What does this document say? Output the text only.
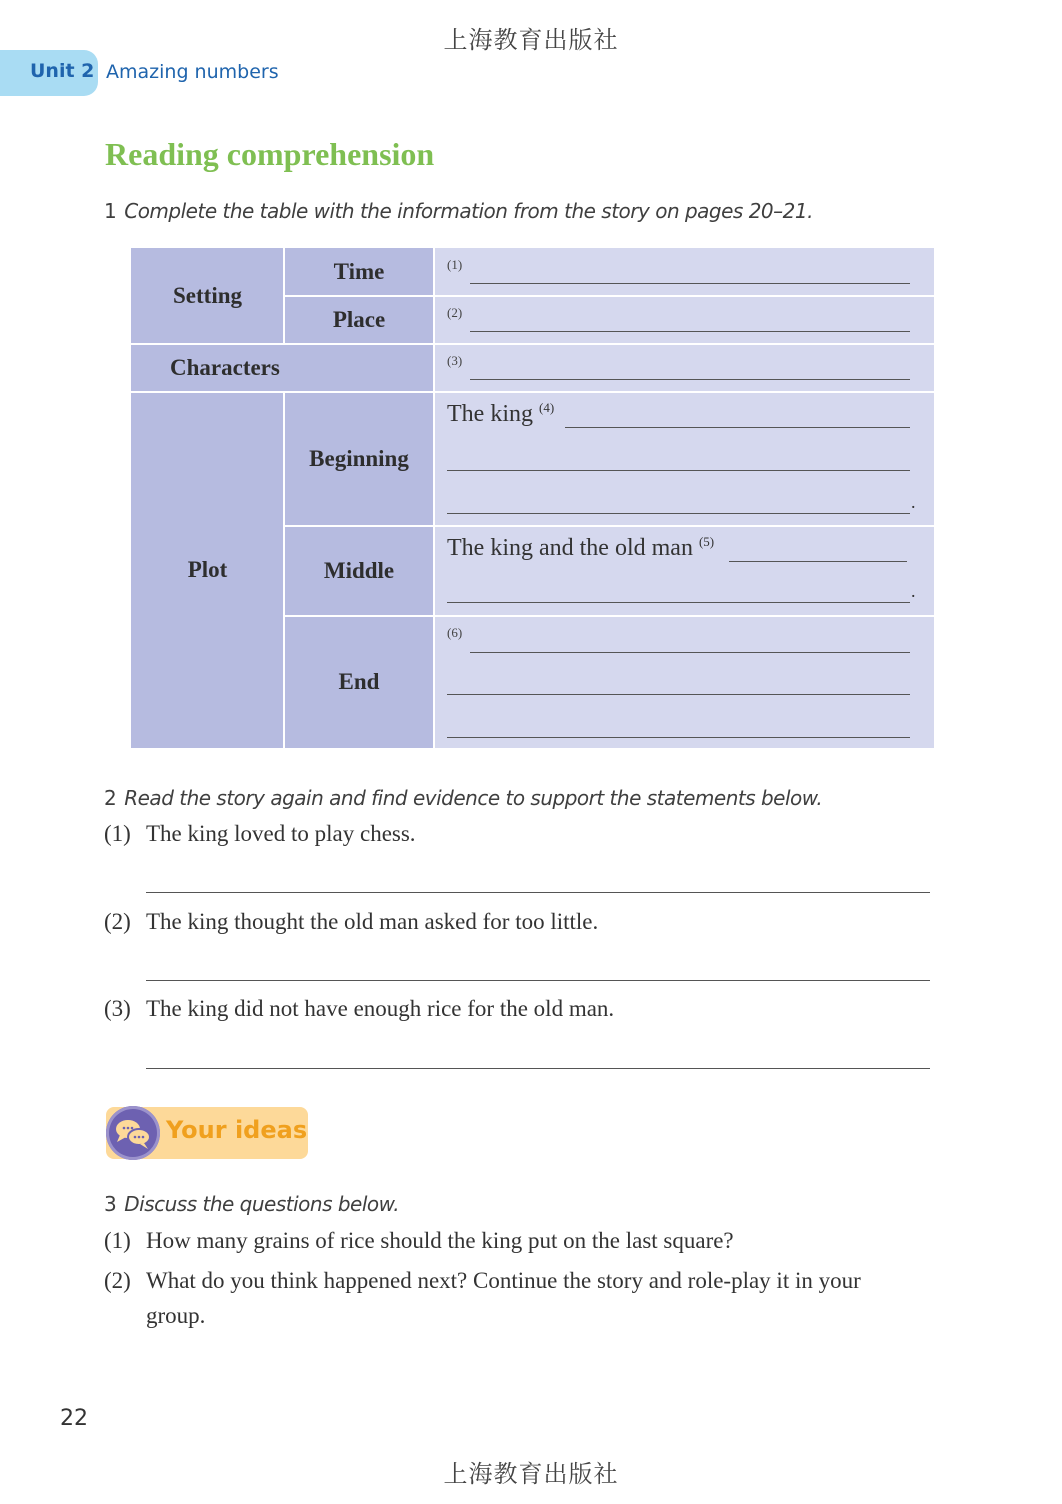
上海教育出版社
Unit 2 Amazing numbers
Reading comprehension
1 Complete the table with the information from the story on pages 20–21.
Setting
Time
Place
Characters
Plot
Beginning
Middle
End
(1)
(2)
(3)
The king $^{(4)}$
.
The king and the old man $^{(5)}$
.
(6)
2 Read the story again and find evidence to support the statements below.
(1) The king loved to play chess.
(2) The king thought the old man asked for too little.
(3) The king did not have enough rice for the old man.
Your ideas
3 Discuss the questions below.
(1) How many grains of rice should the king put on the last square?
(2) What do you think happened next? Continue the story and role-play it in your
group.
22
上海教育出版社
